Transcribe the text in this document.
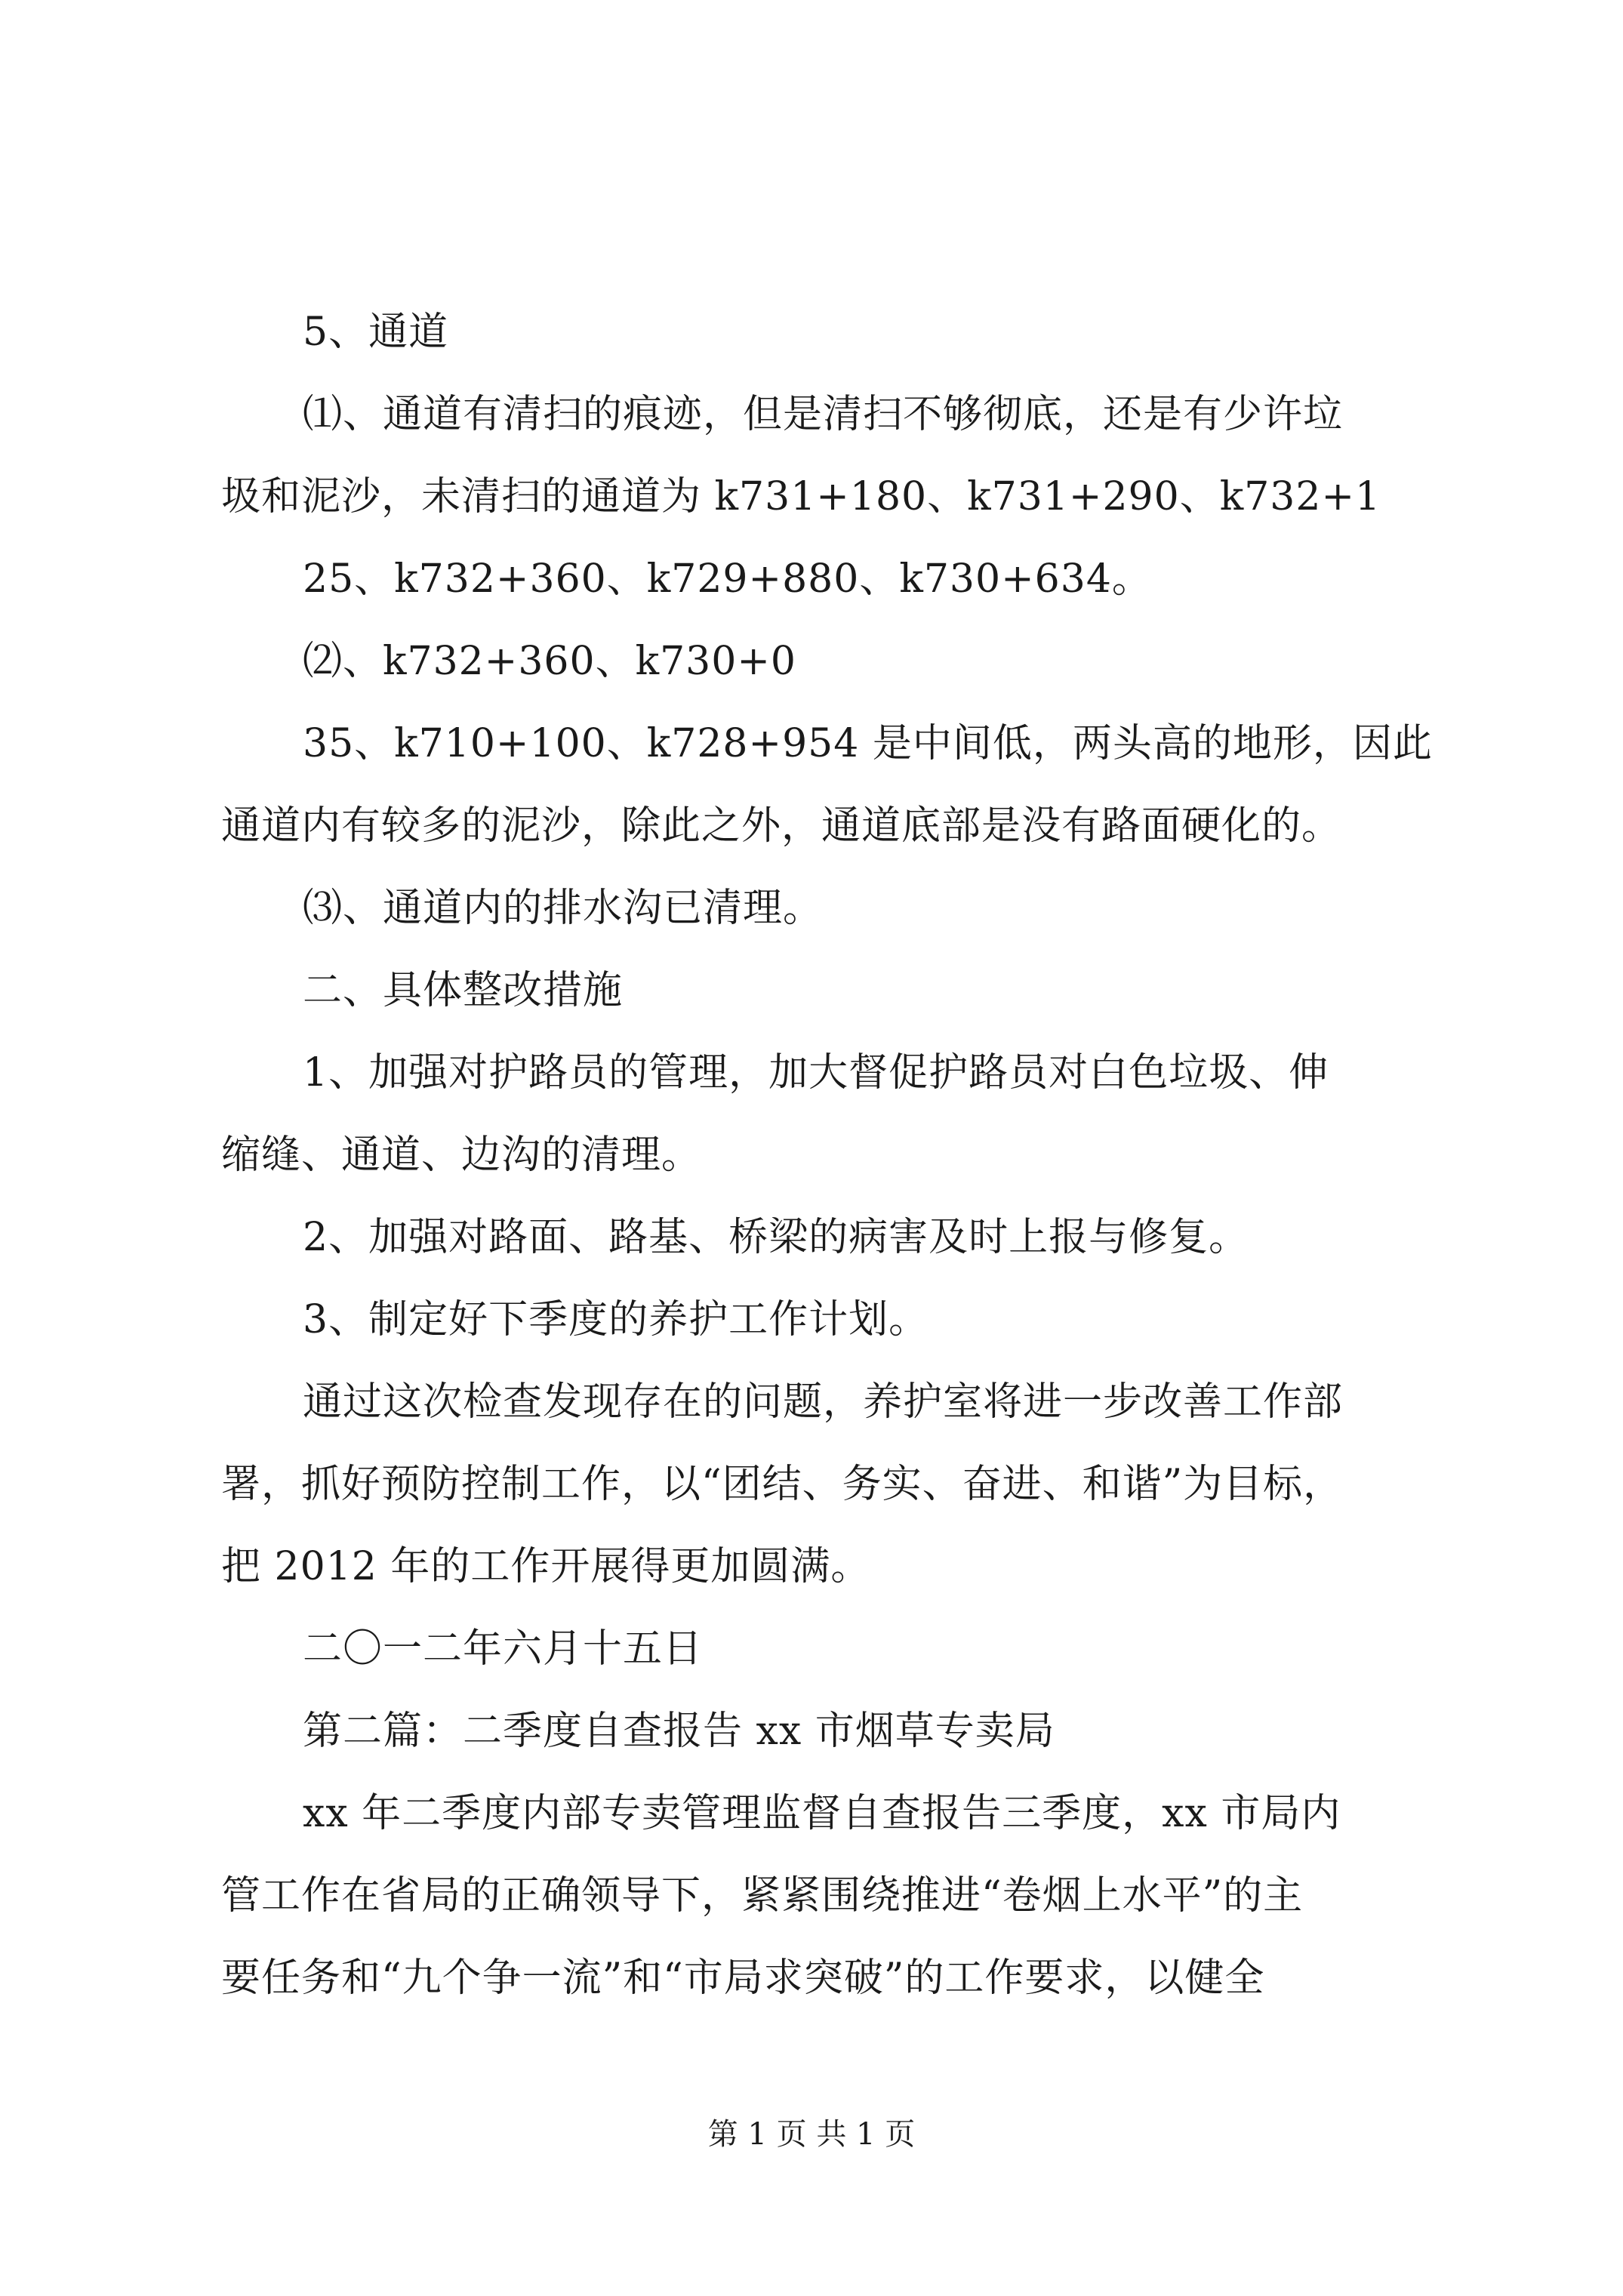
5、通道

⑴、通道有清扫的痕迹，但是清扫不够彻底，还是有少许垃

圾和泥沙，未清扫的通道为 k731+180、k731+290、k732+1

25、k732+360、k729+880、k730+634。

⑵、k732+360、k730+0

35、k710+100、k728+954 是中间低，两头高的地形，因此

通道内有较多的泥沙，除此之外，通道底部是没有路面硬化的。

⑶、通道内的排水沟已清理。

二、具体整改措施

1、加强对护路员的管理，加大督促护路员对白色垃圾、伸

缩缝、通道、边沟的清理。

2、加强对路面、路基、桥梁的病害及时上报与修复。

3、制定好下季度的养护工作计划。

通过这次检查发现存在的问题，养护室将进一步改善工作部

署，抓好预防控制工作，以“团结、务实、奋进、和谐”为目标，

把 2012 年的工作开展得更加圆满。

二〇一二年六月十五日

第二篇：二季度自查报告 xx 市烟草专卖局

xx 年二季度内部专卖管理监督自查报告三季度，xx 市局内

管工作在省局的正确领导下，紧紧围绕推进“卷烟上水平”的主

要任务和“九个争一流”和“市局求突破”的工作要求，以健全

第 1 页 共 1 页
